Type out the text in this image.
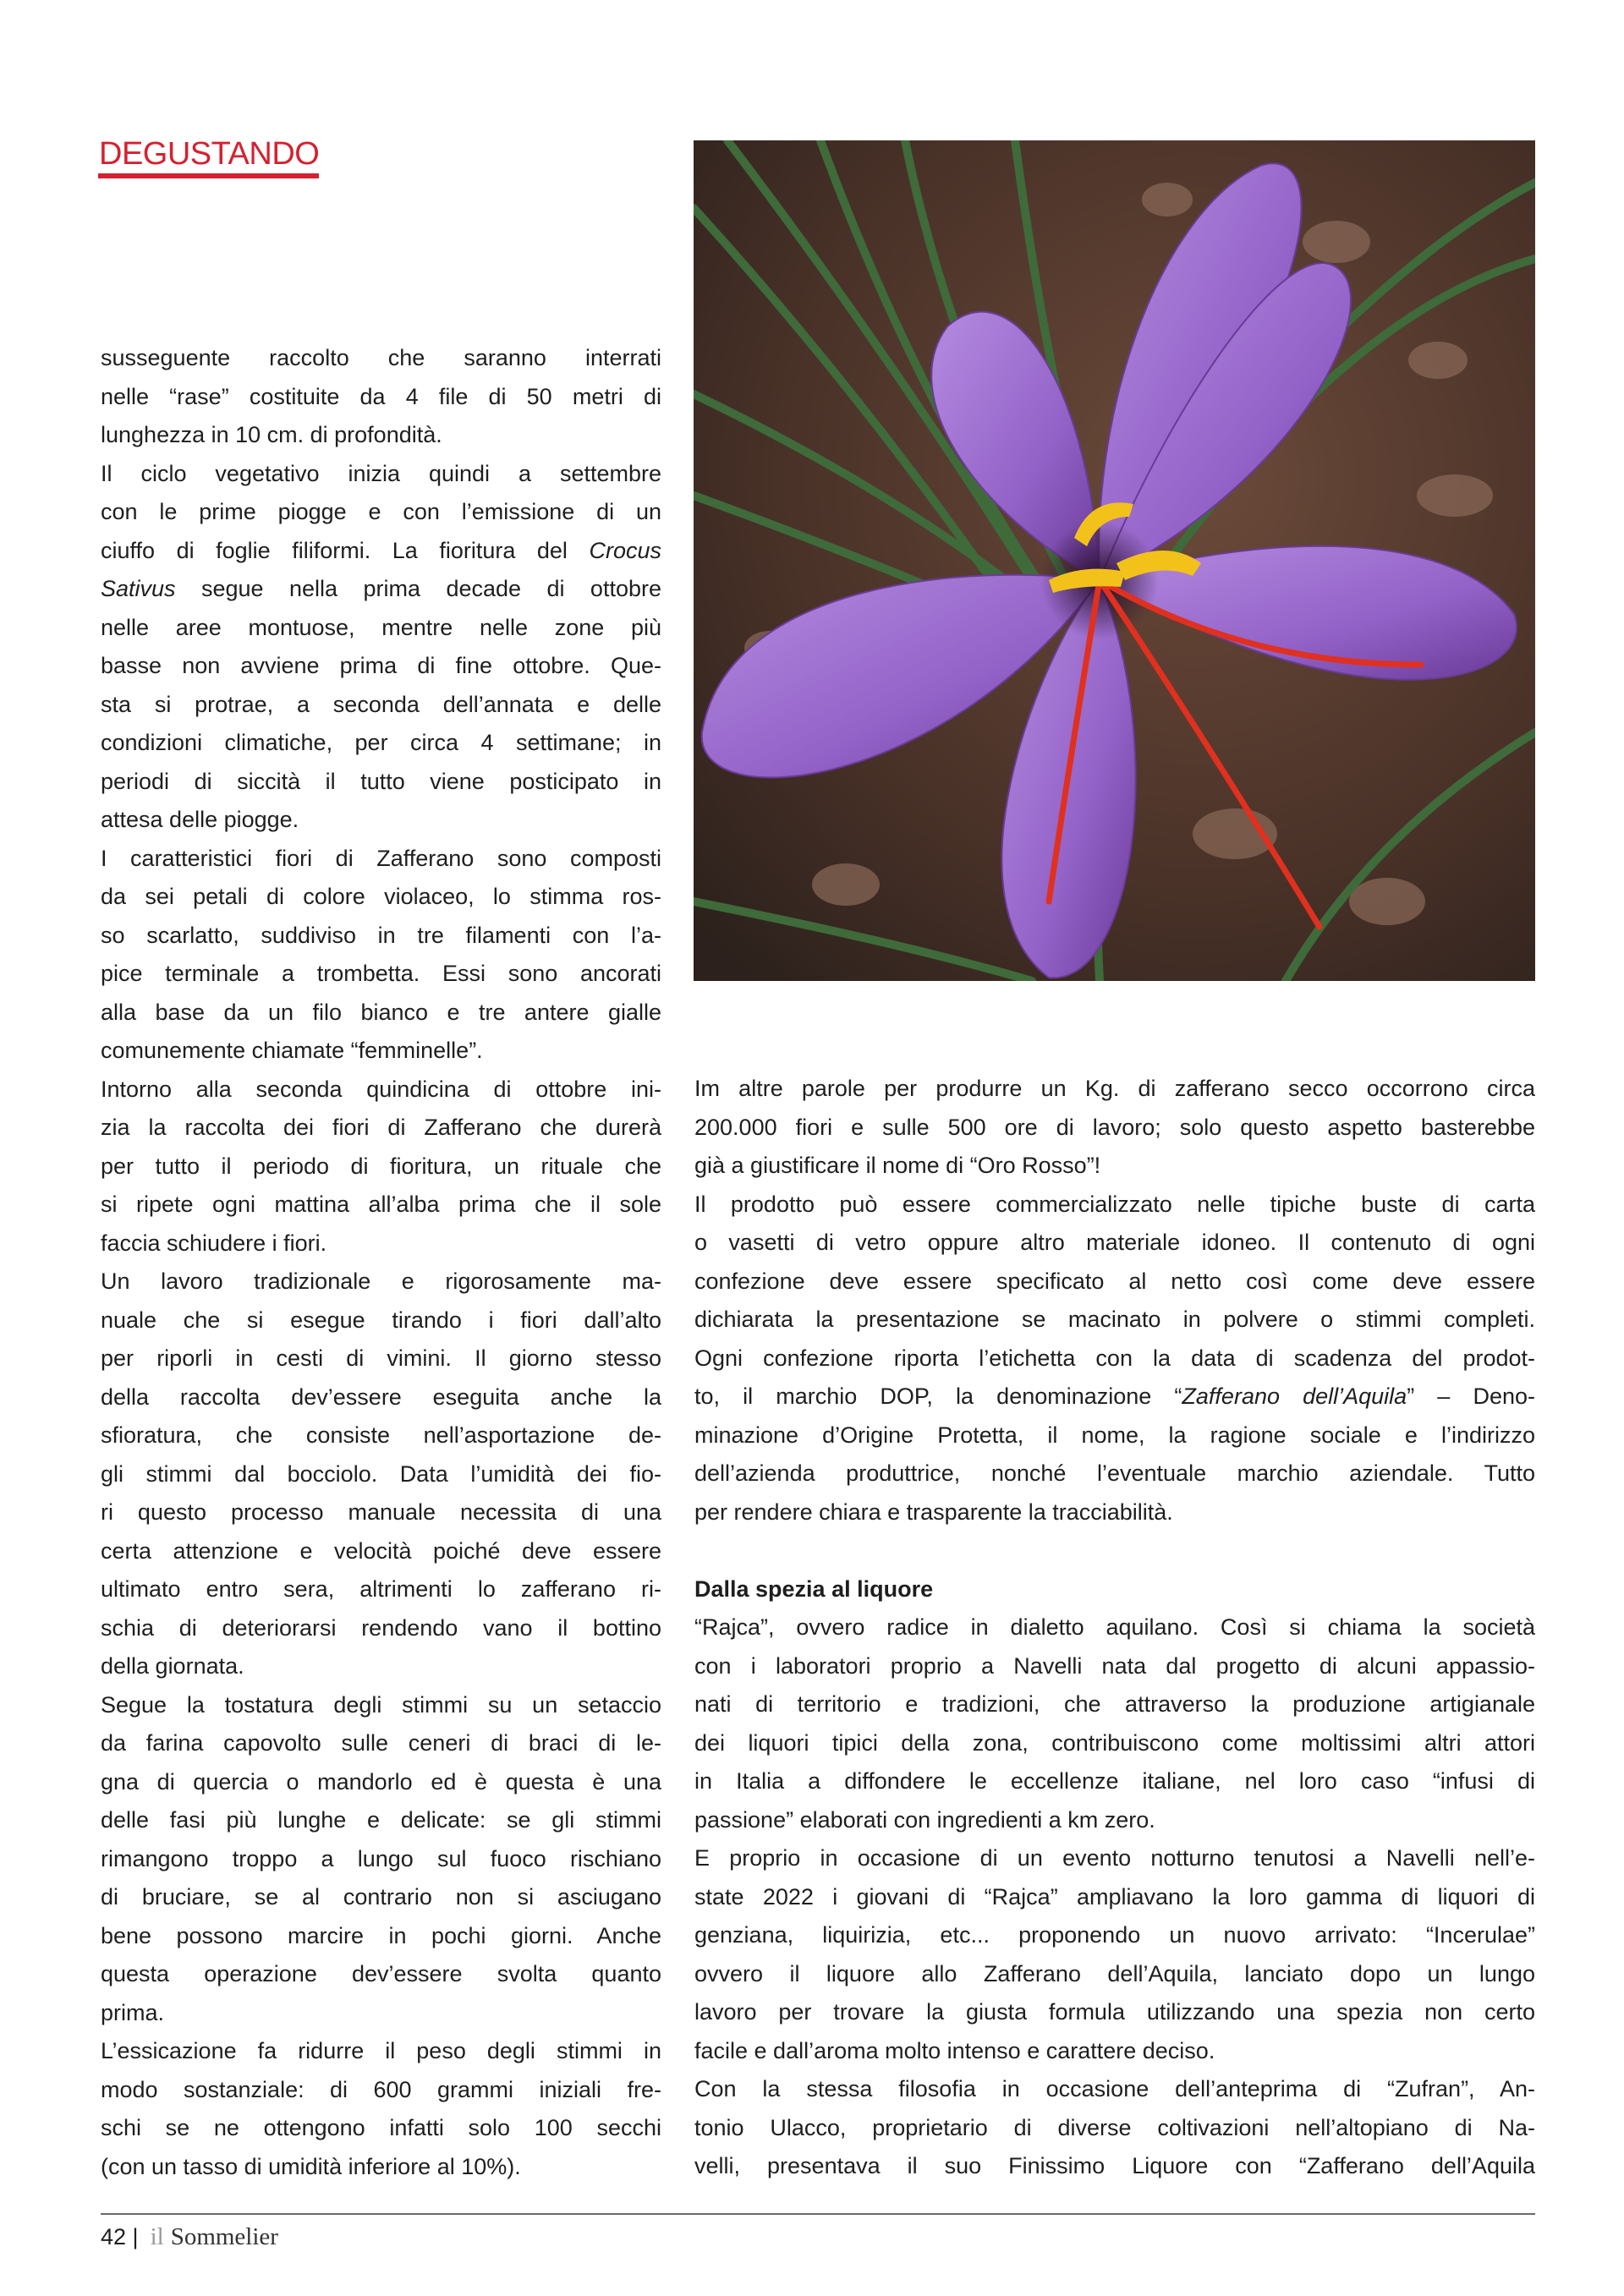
DEGUSTANDO
susseguente raccolto che saranno interrati
nelle “rase” costituite da 4 file di 50 metri di
lunghezza in 10 cm. di profondità.
Il ciclo vegetativo inizia quindi a settembre
con le prime piogge e con l’emissione di un
ciuffo di foglie filiformi. La fioritura del Crocus
Sativus segue nella prima decade di ottobre
nelle aree montuose, mentre nelle zone più
basse non avviene prima di fine ottobre. Que-
sta si protrae, a seconda dell’annata e delle
condizioni climatiche, per circa 4 settimane; in
periodi di siccità il tutto viene posticipato in
attesa delle piogge.
I caratteristici fiori di Zafferano sono composti
da sei petali di colore violaceo, lo stimma ros-
so scarlatto, suddiviso in tre filamenti con l’a-
pice terminale a trombetta. Essi sono ancorati
alla base da un filo bianco e tre antere gialle
comunemente chiamate “femminelle”.
Intorno alla seconda quindicina di ottobre ini-
zia la raccolta dei fiori di Zafferano che durerà
per tutto il periodo di fioritura, un rituale che
si ripete ogni mattina all’alba prima che il sole
faccia schiudere i fiori.
Un lavoro tradizionale e rigorosamente ma-
nuale che si esegue tirando i fiori dall’alto
per riporli in cesti di vimini. Il giorno stesso
della raccolta dev’essere eseguita anche la
sfioratura, che consiste nell’asportazione de-
gli stimmi dal bocciolo. Data l’umidità dei fio-
ri questo processo manuale necessita di una
certa attenzione e velocità poiché deve essere
ultimato entro sera, altrimenti lo zafferano ri-
schia di deteriorarsi rendendo vano il bottino
della giornata.
Segue la tostatura degli stimmi su un setaccio
da farina capovolto sulle ceneri di braci di le-
gna di quercia o mandorlo ed è questa è una
delle fasi più lunghe e delicate: se gli stimmi
rimangono troppo a lungo sul fuoco rischiano
di bruciare, se al contrario non si asciugano
bene possono marcire in pochi giorni. Anche
questa operazione dev’essere svolta quanto
prima.
L’essicazione fa ridurre il peso degli stimmi in
modo sostanziale: di 600 grammi iniziali fre-
schi se ne ottengono infatti solo 100 secchi
(con un tasso di umidità inferiore al 10%).
Im altre parole per produrre un Kg. di zafferano secco occorrono circa
200.000 fiori e sulle 500 ore di lavoro; solo questo aspetto basterebbe
già a giustificare il nome di “Oro Rosso”!
Il prodotto può essere commercializzato nelle tipiche buste di carta
o vasetti di vetro oppure altro materiale idoneo. Il contenuto di ogni
confezione deve essere specificato al netto così come deve essere
dichiarata la presentazione se macinato in polvere o stimmi completi.
Ogni confezione riporta l’etichetta con la data di scadenza del prodot-
to, il marchio DOP, la denominazione “Zafferano dell’Aquila” – Deno-
minazione d’Origine Protetta, il nome, la ragione sociale e l’indirizzo
dell’azienda produttrice, nonché l’eventuale marchio aziendale. Tutto
per rendere chiara e trasparente la tracciabilità.
Dalla spezia al liquore
“Rajca”, ovvero radice in dialetto aquilano. Così si chiama la società
con i laboratori proprio a Navelli nata dal progetto di alcuni appassio-
nati di territorio e tradizioni, che attraverso la produzione artigianale
dei liquori tipici della zona, contribuiscono come moltissimi altri attori
in Italia a diffondere le eccellenze italiane, nel loro caso “infusi di
passione” elaborati con ingredienti a km zero.
E proprio in occasione di un evento notturno tenutosi a Navelli nell’e-
state 2022 i giovani di “Rajca” ampliavano la loro gamma di liquori di
genziana, liquirizia, etc... proponendo un nuovo arrivato: “Incerulae”
ovvero il liquore allo Zafferano dell’Aquila, lanciato dopo un lungo
lavoro per trovare la giusta formula utilizzando una spezia non certo
facile e dall’aroma molto intenso e carattere deciso.
Con la stessa filosofia in occasione dell’anteprima di “Zufran”, An-
tonio Ulacco, proprietario di diverse coltivazioni nell’altopiano di Na-
velli, presentava il suo Finissimo Liquore con “Zafferano dell’Aquila
42 | il Sommelier
